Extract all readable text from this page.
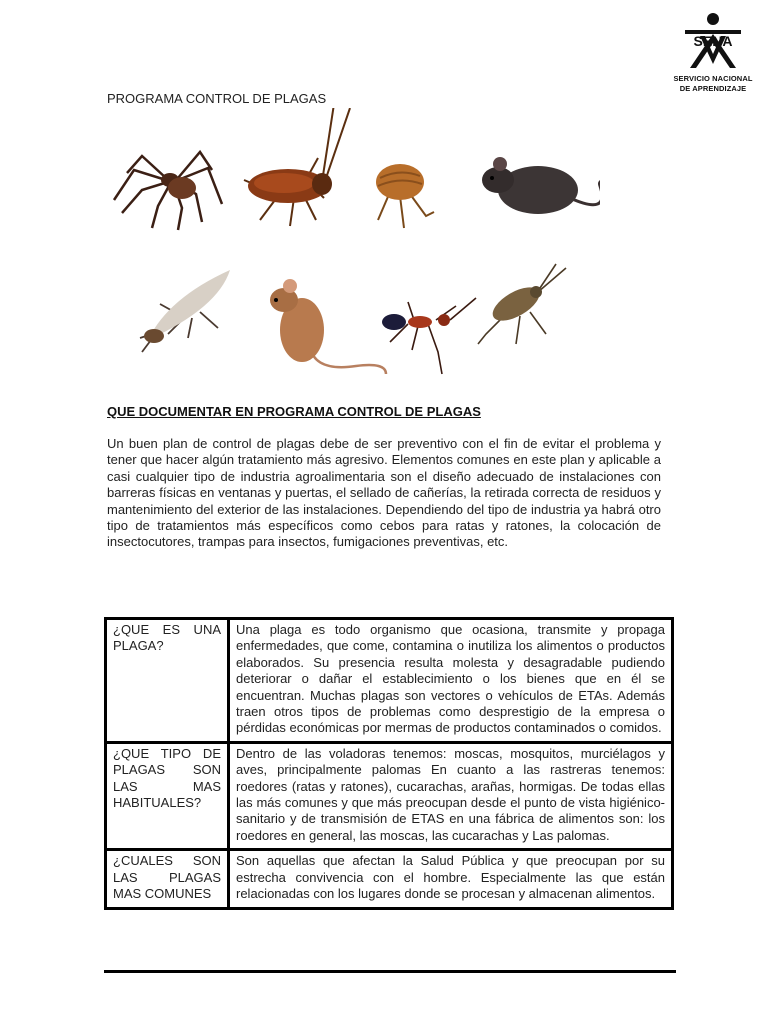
SENA
SERVICIO NACIONAL
DE APRENDIZAJE
PROGRAMA CONTROL DE PLAGAS
QUE DOCUMENTAR EN PROGRAMA CONTROL DE PLAGAS

Un buen plan de control de plagas debe de ser preventivo con el fin de evitar el problema y tener que hacer algún tratamiento más agresivo. Elementos comunes en este plan y aplicable a casi cualquier tipo de industria agroalimentaria son el diseño adecuado de instalaciones con barreras físicas en ventanas y puertas, el sellado de cañerías, la retirada correcta de residuos y mantenimiento del exterior de las instalaciones. Dependiendo del tipo de industria ya habrá otro tipo de tratamientos más específicos como cebos para ratas y ratones, la colocación de insectocutores, trampas para insectos, fumigaciones preventivas, etc.

¿QUE ES UNA PLAGA?	Una plaga es todo organismo que ocasiona, transmite y propaga enfermedades, que come, contamina o inutiliza los alimentos o productos elaborados. Su presencia resulta molesta y desagradable pudiendo deteriorar o dañar el establecimiento o los bienes que en él se encuentran. Muchas plagas son vectores o vehículos de ETAs. Además traen otros tipos de problemas como desprestigio de la empresa o pérdidas económicas por mermas de productos contaminados o comidos.
¿QUE TIPO DE PLAGAS SON LAS MAS HABITUALES?	Dentro de las voladoras tenemos: moscas, mosquitos, murciélagos y aves, principalmente palomas En cuanto a las rastreras tenemos: roedores (ratas y ratones), cucarachas, arañas, hormigas. De todas ellas las más comunes y que más preocupan desde el punto de vista higiénico-sanitario y de transmisión de ETAS en una fábrica de alimentos son: los roedores en general, las moscas, las cucarachas y Las palomas.
¿CUALES SON LAS PLAGAS MAS COMUNES	Son aquellas que afectan la Salud Pública y que preocupan por su estrecha convivencia con el hombre. Especialmente las que están relacionadas con los lugares donde se procesan y almacenan alimentos.
